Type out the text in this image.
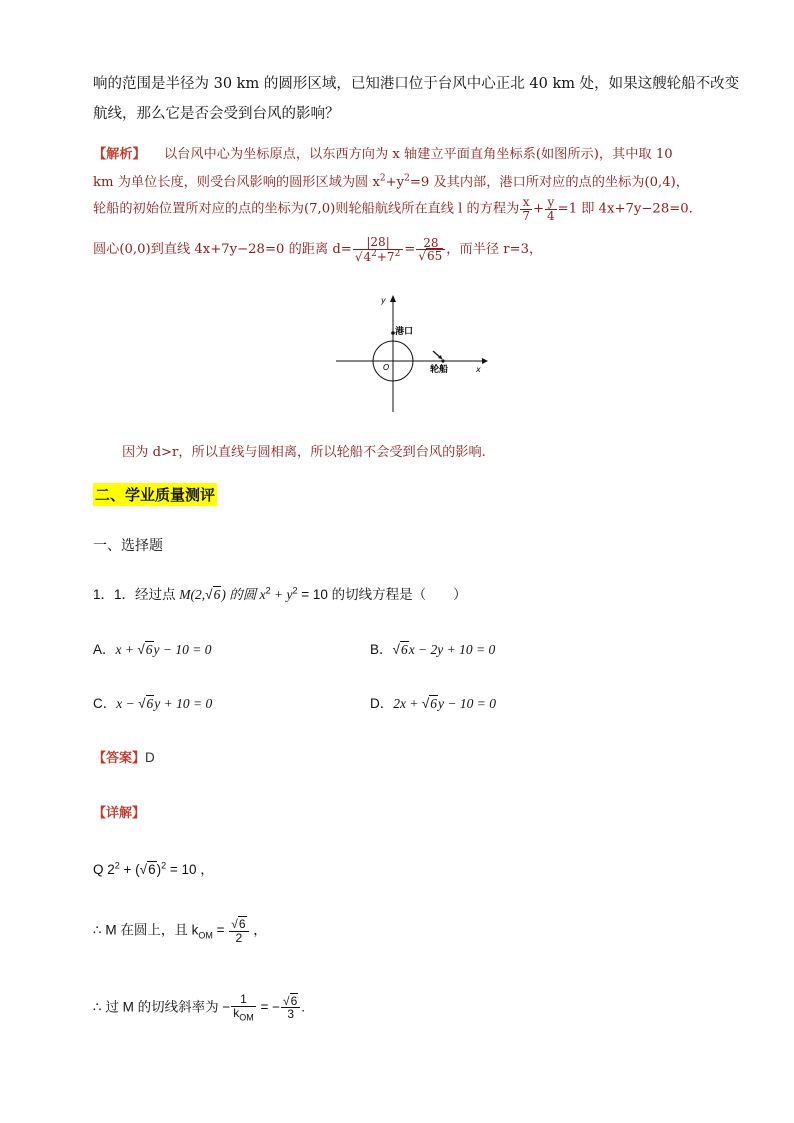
响的范围是半径为 30 km 的圆形区域，已知港口位于台风中心正北 40 km 处，如果这艘轮船不改变
航线，那么它是否会受到台风的影响？
【解析】 以台风中心为坐标原点，以东西方向为 x 轴建立平面直角坐标系(如图所示)，其中取 10
km 为单位长度，则受台风影响的圆形区域为圆 $x^2+y^2=9$ 及其内部，港口所对应的点的坐标为(0,4)，
轮船的初始位置所对应的点的坐标为(7,0)则轮船航线所在直线 l 的方程为 $\frac{x}{7} + \frac{y}{4} =1$ 即 4x+7y−28=0.
圆心(0,0)到直线 4x+7y−28=0 的距离 $d= \frac{|28|}{√4^2+7^2} = \frac{28}{√65}$ ，而半径 r=3，
y
x
O
港口
轮船
因为 d>r，所以直线与圆相离，所以轮船不会受到台风的影响.
二、学业质量测评
一、选择题
1．1．经过点 M(2,√6) 的圆 $x^2 + y^2 = 10$ 的切线方程是（　　）
A．x + √6y − 10 = 0	B．√6x − 2y + 10 = 0
C．x − √6y + 10 = 0	D．2x + √6y − 10 = 0
【答案】D
【详解】
Q $2^2 + (√6)^2 = 10$ ，
∴ M 在圆上，且 $k_{OM} = \frac{√6}{2}$ ，
∴ 过 M 的切线斜率为 − $\frac{1}{k_{OM}}$ = − $\frac{√6}{3}$ .
